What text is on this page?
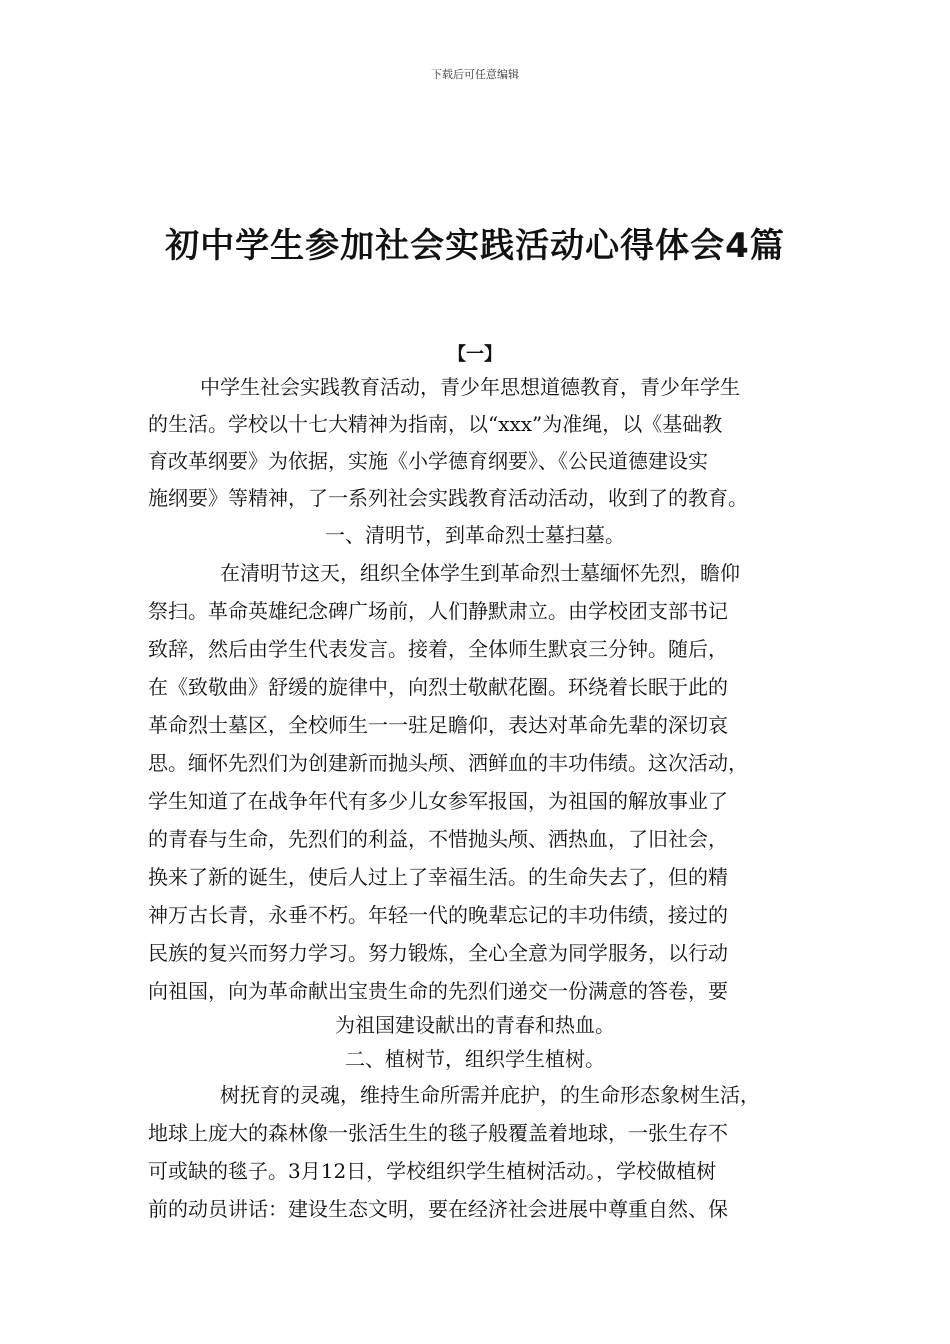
下载后可任意编辑
初中学生参加社会实践活动心得体会4篇
【一】
中学生社会实践教育活动，青少年思想道德教育，青少年学生
的生活。学校以十七大精神为指南，以“xxx”为准绳，以《基础教
育改革纲要》为依据，实施《小学德育纲要》、《公民道德建设实
施纲要》等精神，了一系列社会实践教育活动活动，收到了的教育。
一、清明节，到革命烈士墓扫墓。
在清明节这天，组织全体学生到革命烈士墓缅怀先烈，瞻仰
祭扫。革命英雄纪念碑广场前，人们静默肃立。由学校团支部书记
致辞，然后由学生代表发言。接着，全体师生默哀三分钟。随后，
在《致敬曲》舒缓的旋律中，向烈士敬献花圈。环绕着长眠于此的
革命烈士墓区，全校师生一一驻足瞻仰，表达对革命先辈的深切哀
思。缅怀先烈们为创建新而抛头颅、洒鲜血的丰功伟绩。这次活动，
学生知道了在战争年代有多少儿女参军报国，为祖国的解放事业了
的青春与生命，先烈们的利益，不惜抛头颅、洒热血，了旧社会，
换来了新的诞生，使后人过上了幸福生活。的生命失去了，但的精
神万古长青，永垂不朽。年轻一代的晚辈忘记的丰功伟绩，接过的
民族的复兴而努力学习。努力锻炼，全心全意为同学服务，以行动
向祖国，向为革命献出宝贵生命的先烈们递交一份满意的答卷，要
为祖国建设献出的青春和热血。
二、植树节，组织学生植树。
树抚育的灵魂，维持生命所需并庇护，的生命形态象树生活，
地球上庞大的森林像一张活生生的毯子般覆盖着地球，一张生存不
可或缺的毯子。3月12日，学校组织学生植树活动。，学校做植树
前的动员讲话：建设生态文明，要在经济社会进展中尊重自然、保
